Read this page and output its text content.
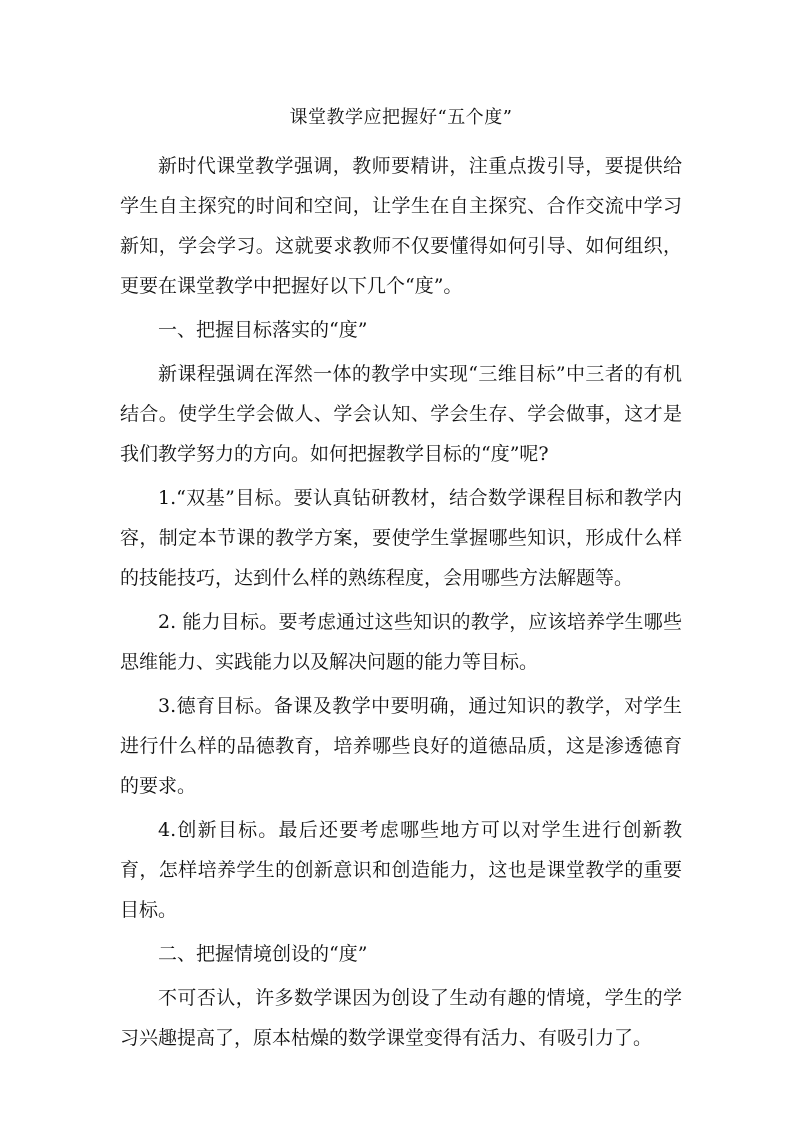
课堂教学应把握好“五个度”

新时代课堂教学强调，教师要精讲，注重点拨引导，要提供给学生自主探究的时间和空间，让学生在自主探究、合作交流中学习新知，学会学习。这就要求教师不仅要懂得如何引导、如何组织，更要在课堂教学中把握好以下几个“度”。

一、把握目标落实的“度”

新课程强调在浑然一体的教学中实现“三维目标”中三者的有机结合。使学生学会做人、学会认知、学会生存、学会做事，这才是我们教学努力的方向。如何把握教学目标的“度”呢?

1.“双基”目标。要认真钻研教材，结合数学课程目标和教学内容，制定本节课的教学方案，要使学生掌握哪些知识，形成什么样的技能技巧，达到什么样的熟练程度，会用哪些方法解题等。

2. 能力目标。要考虑通过这些知识的教学，应该培养学生哪些思维能力、实践能力以及解决问题的能力等目标。

3.德育目标。备课及教学中要明确，通过知识的教学，对学生进行什么样的品德教育，培养哪些良好的道德品质，这是渗透德育的要求。

4.创新目标。最后还要考虑哪些地方可以对学生进行创新教育，怎样培养学生的创新意识和创造能力，这也是课堂教学的重要目标。

二、把握情境创设的“度”

不可否认，许多数学课因为创设了生动有趣的情境，学生的学习兴趣提高了，原本枯燥的数学课堂变得有活力、有吸引力了。
